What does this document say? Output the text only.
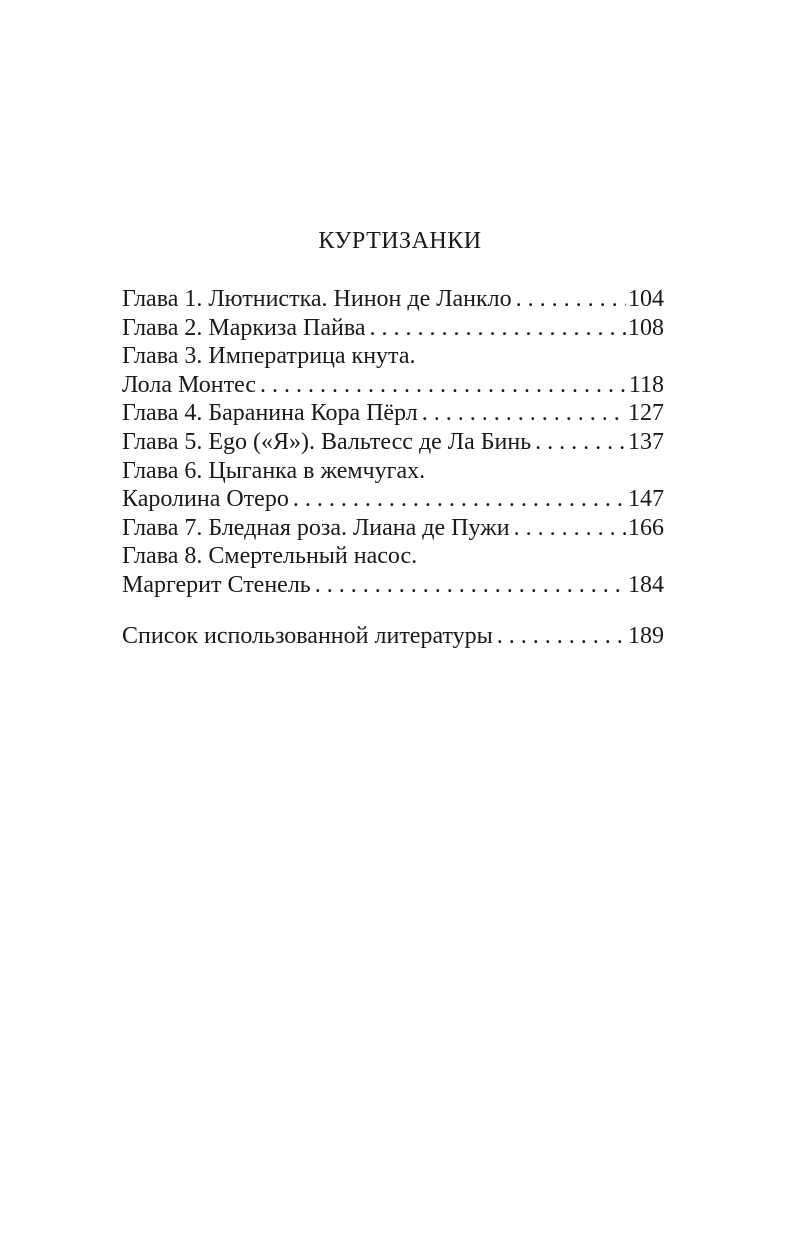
КУРТИЗАНКИ
Глава 1. Лютнистка. Нинон де Ланкло . . .	104
Глава 2. Маркиза Пайва . . .	108
Глава 3. Императрица кнута.
Лола Монтес . . .	118
Глава 4. Баранина Кора Пёрл . . .	127
Глава 5. Ego («Я»). Вальтесс де Ла Бинь . . .	137
Глава 6. Цыганка в жемчугах.
Каролина Отеро . . .	147
Глава 7. Бледная роза. Лиана де Пужи . . .	166
Глава 8. Смертельный насос.
Маргерит Стенель . . .	184
Список использованной литературы . . .	189
